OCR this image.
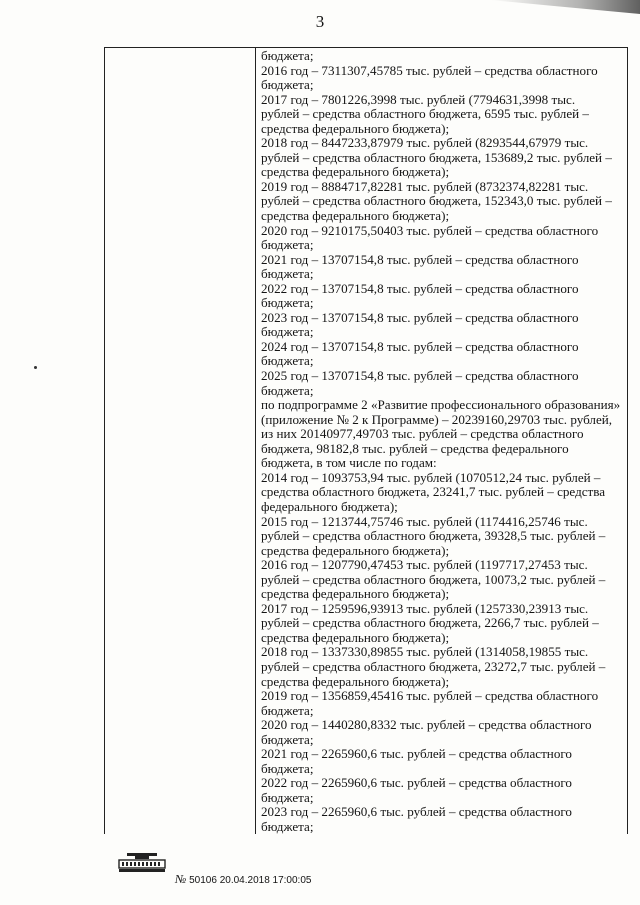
3
бюджета;
2016 год – 7311307,45785 тыс. рублей – средства областного
бюджета;
2017 год – 7801226,3998 тыс. рублей (7794631,3998 тыс.
рублей – средства областного бюджета, 6595 тыс. рублей –
средства федерального бюджета);
2018 год – 8447233,87979 тыс. рублей (8293544,67979 тыс.
рублей – средства областного бюджета, 153689,2 тыс. рублей –
средства федерального бюджета);
2019 год – 8884717,82281 тыс. рублей (8732374,82281 тыс.
рублей – средства областного бюджета, 152343,0 тыс. рублей –
средства федерального бюджета);
2020 год – 9210175,50403 тыс. рублей – средства областного
бюджета;
2021 год – 13707154,8 тыс. рублей – средства областного
бюджета;
2022 год – 13707154,8 тыс. рублей – средства областного
бюджета;
2023 год – 13707154,8 тыс. рублей – средства областного
бюджета;
2024 год – 13707154,8 тыс. рублей – средства областного
бюджета;
2025 год – 13707154,8 тыс. рублей – средства областного
бюджета;
по подпрограмме 2 «Развитие профессионального образования»
(приложение № 2 к Программе) – 20239160,29703 тыс. рублей,
из них 20140977,49703 тыс. рублей – средства областного
бюджета, 98182,8 тыс. рублей – средства федерального
бюджета, в том числе по годам:
2014 год – 1093753,94 тыс. рублей (1070512,24 тыс. рублей –
средства областного бюджета, 23241,7 тыс. рублей – средства
федерального бюджета);
2015 год – 1213744,75746 тыс. рублей (1174416,25746 тыс.
рублей – средства областного бюджета, 39328,5 тыс. рублей –
средства федерального бюджета);
2016 год – 1207790,47453 тыс. рублей (1197717,27453 тыс.
рублей – средства областного бюджета, 10073,2 тыс. рублей –
средства федерального бюджета);
2017 год – 1259596,93913 тыс. рублей (1257330,23913 тыс.
рублей – средства областного бюджета, 2266,7 тыс. рублей –
средства федерального бюджета);
2018 год – 1337330,89855 тыс. рублей (1314058,19855 тыс.
рублей – средства областного бюджета, 23272,7 тыс. рублей –
средства федерального бюджета);
2019 год – 1356859,45416 тыс. рублей – средства областного
бюджета;
2020 год – 1440280,8332 тыс. рублей – средства областного
бюджета;
2021 год – 2265960,6 тыс. рублей – средства областного
бюджета;
2022 год – 2265960,6 тыс. рублей – средства областного
бюджета;
2023 год – 2265960,6 тыс. рублей – средства областного
бюджета;
№ 50106 20.04.2018 17:00:05
